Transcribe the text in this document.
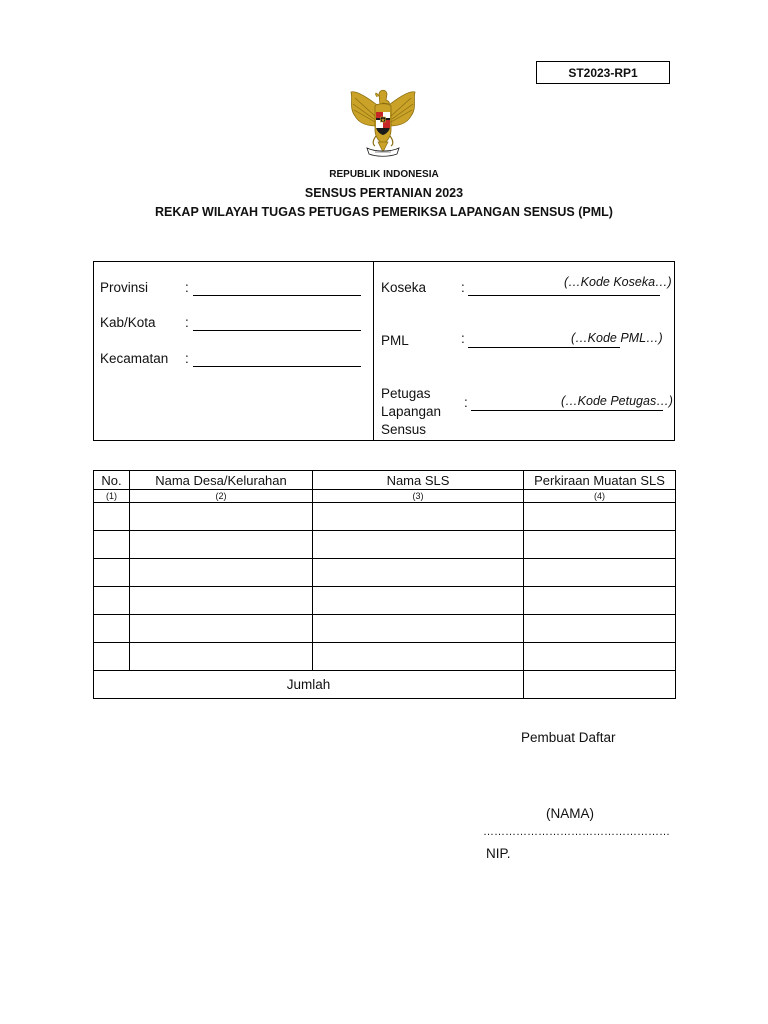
ST2023-RP1
REPUBLIK INDONESIA
SENSUS PERTANIAN 2023
REKAP WILAYAH TUGAS PETUGAS PEMERIKSA LAPANGAN SENSUS (PML)
Provinsi	:
Kab/Kota :
Kecamatan :
Koseka	:	(…Kode Koseka…)
PML	:	(…Kode PML…)
Petugas
Lapangan
Sensus
:	(…Kode Petugas…)
No.	Nama Desa/Kelurahan	Nama SLS	Perkiraan Muatan SLS
(1)	(2)	(3)	(4)

Jumlah			
Pembuat Daftar
(NAMA)
……………………………………………
NIP.
